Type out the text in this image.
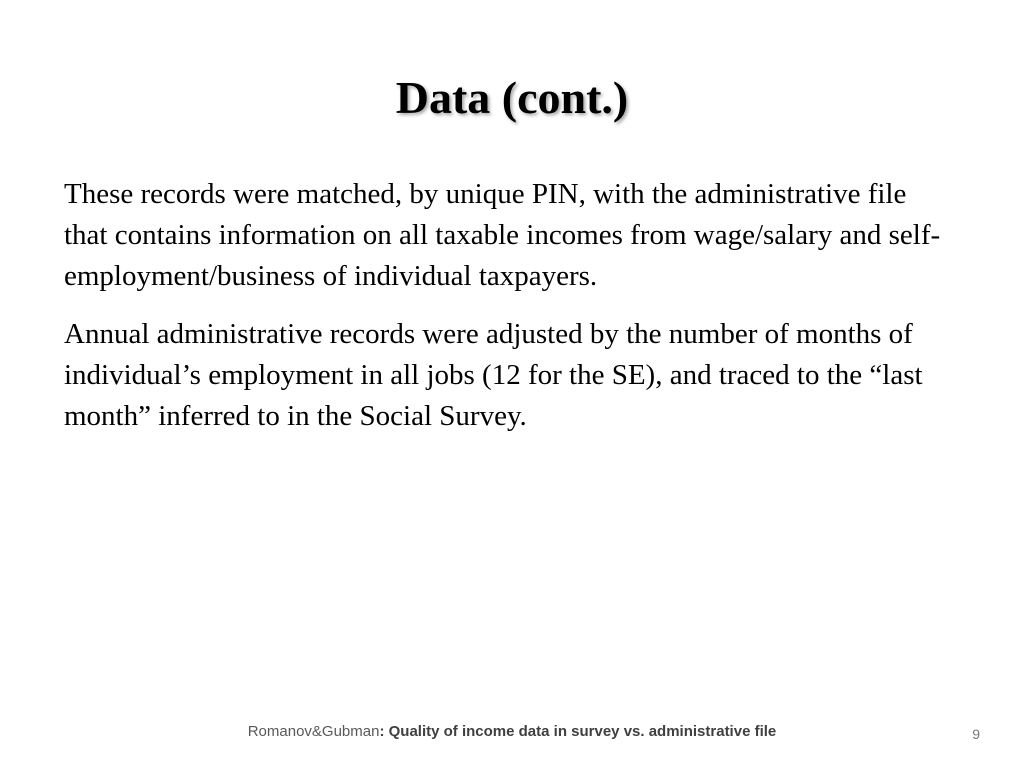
Data (cont.)

These records were matched, by unique PIN, with the administrative file that contains information on all taxable incomes from wage/salary and self-employment/business of individual taxpayers.

Annual administrative records were adjusted by the number of months of individual’s employment in all jobs (12 for the SE), and traced to the “last month” inferred to in the Social Survey.

Romanov&Gubman: Quality of income data in survey vs. administrative file	9
